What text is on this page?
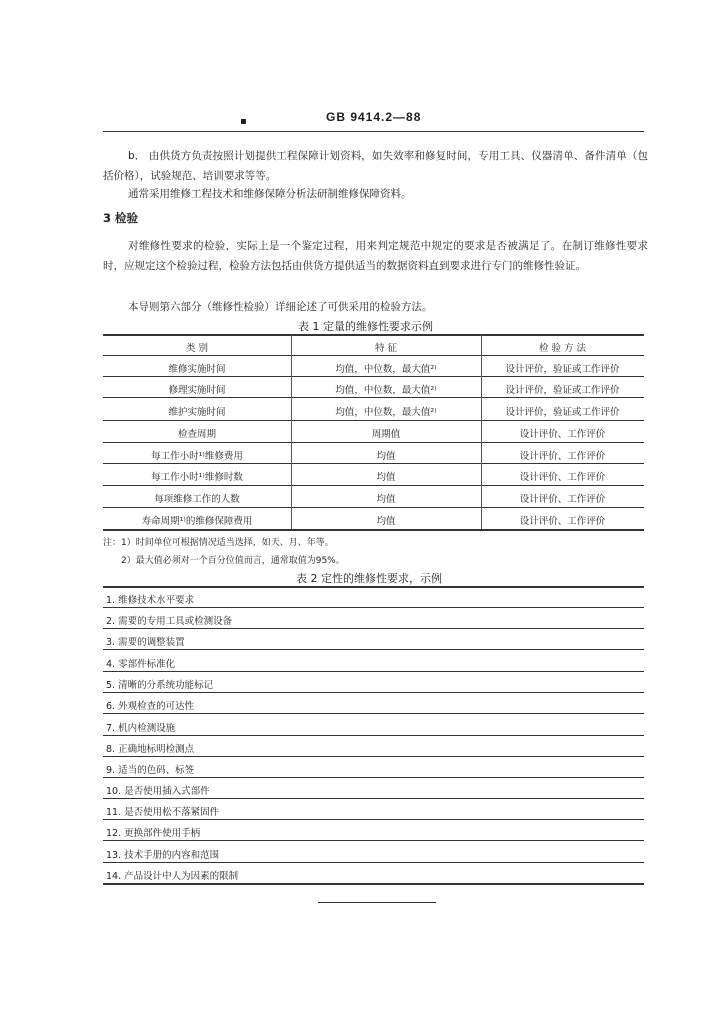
▪	GB 9414.2—88
b． 由供货方负责按照计划提供工程保障计划资料，如失效率和修复时间，专用工具、仪器清单、备件清单（包括价格），试验规范、培训要求等等。
通常采用维修工程技术和维修保障分析法研制维修保障资料。
3 检验
对维修性要求的检验，实际上是一个鉴定过程，用来判定规范中规定的要求是否被满足了。在制订维修性要求时，应规定这个检验过程，检验方法包括由供货方提供适当的数据资料直到要求进行专门的维修性验证。
本导则第六部分（维修性检验）详细论述了可供采用的检验方法。
表 1 定量的维修性要求示例
类 别	特 征	检 验 方 法
维修实施时间	均值，中位数，最大值²⁾	设计评价，验证或工作评价
修理实施时间	均值，中位数，最大值²⁾	设计评价，验证或工作评价
维护实施时间	均值，中位数，最大值²⁾	设计评价，验证或工作评价
检查周期	周期值	设计评价、工作评价
每工作小时¹⁾维修费用	均值	设计评价、工作评价
每工作小时¹⁾维修时数	均值	设计评价、工作评价
每项维修工作的人数	均值	设计评价、工作评价
寿命周期¹⁾的维修保障费用	均值	设计评价、工作评价
注：1）时间单位可根据情况适当选择，如天、月、年等。
2）最大值必须对一个百分位值而言，通常取值为95%。
表 2 定性的维修性要求，示例
1. 维修技术水平要求
2. 需要的专用工具或检测设备
3. 需要的调整装置
4. 零部件标准化
5. 清晰的分系统功能标记
6. 外观检查的可达性
7. 机内检测设施
8. 正确地标明检测点
9. 适当的色码、标签
10. 是否使用插入式部件
11. 是否使用松不落紧固件
12. 更换部件使用手柄
13. 技术手册的内容和范围
14. 产品设计中人为因素的限制
